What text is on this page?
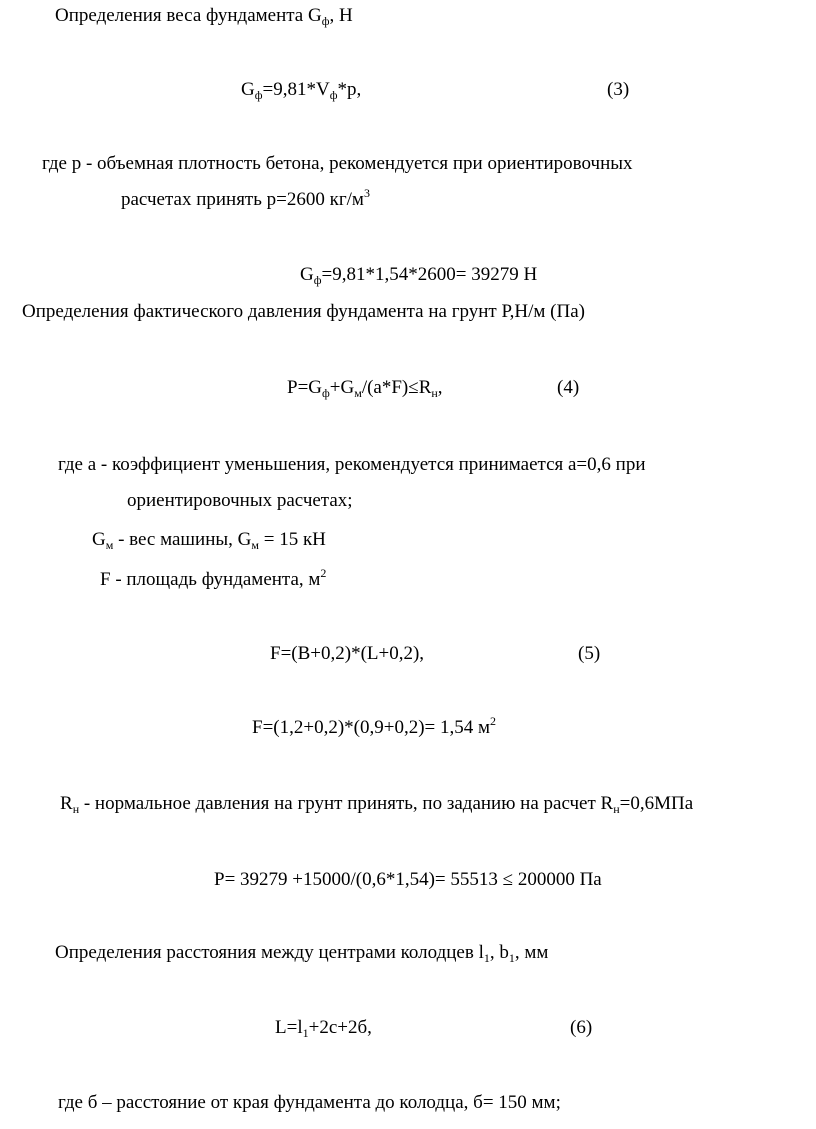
Определения веса фундамента $G_ф$, Н
$G_ф=9,81*V_ф*р$,	(3)
где р - объемная плотность бетона, рекомендуется при ориентировочных
расчетах принять р=2600 $кг/м^3$
$G_ф=9,81*1,54*2600= 39279$ Н
Определения фактического давления фундамента на грунт Р,Н/м (Па)
$Р=G_ф+G_м/(а*F)\le R_н$,	(4)
где а - коэффициент уменьшения, рекомендуется принимается а=0,6 при
ориентировочных расчетах;
$G_м$ - вес машины, $G_м = 15$ кН
F - площадь фундамента, $м^2$
F=(B+0,2)*(L+0,2),	(5)
F=(1,2+0,2)*(0,9+0,2)= 1,54 $м^2$
$R_н$ - нормальное давления на грунт принять, по заданию на расчет $R_н=0,6МПа$
Р= 39279 +15000/(0,6*1,54)= 55513 ≤ 200000 Па
Определения расстояния между центрами колодцев $l_1$, $b_1$, мм
$L=l_1+2с+2б$,	(6)
где б – расстояние от края фундамента до колодца, б= 150 мм;
